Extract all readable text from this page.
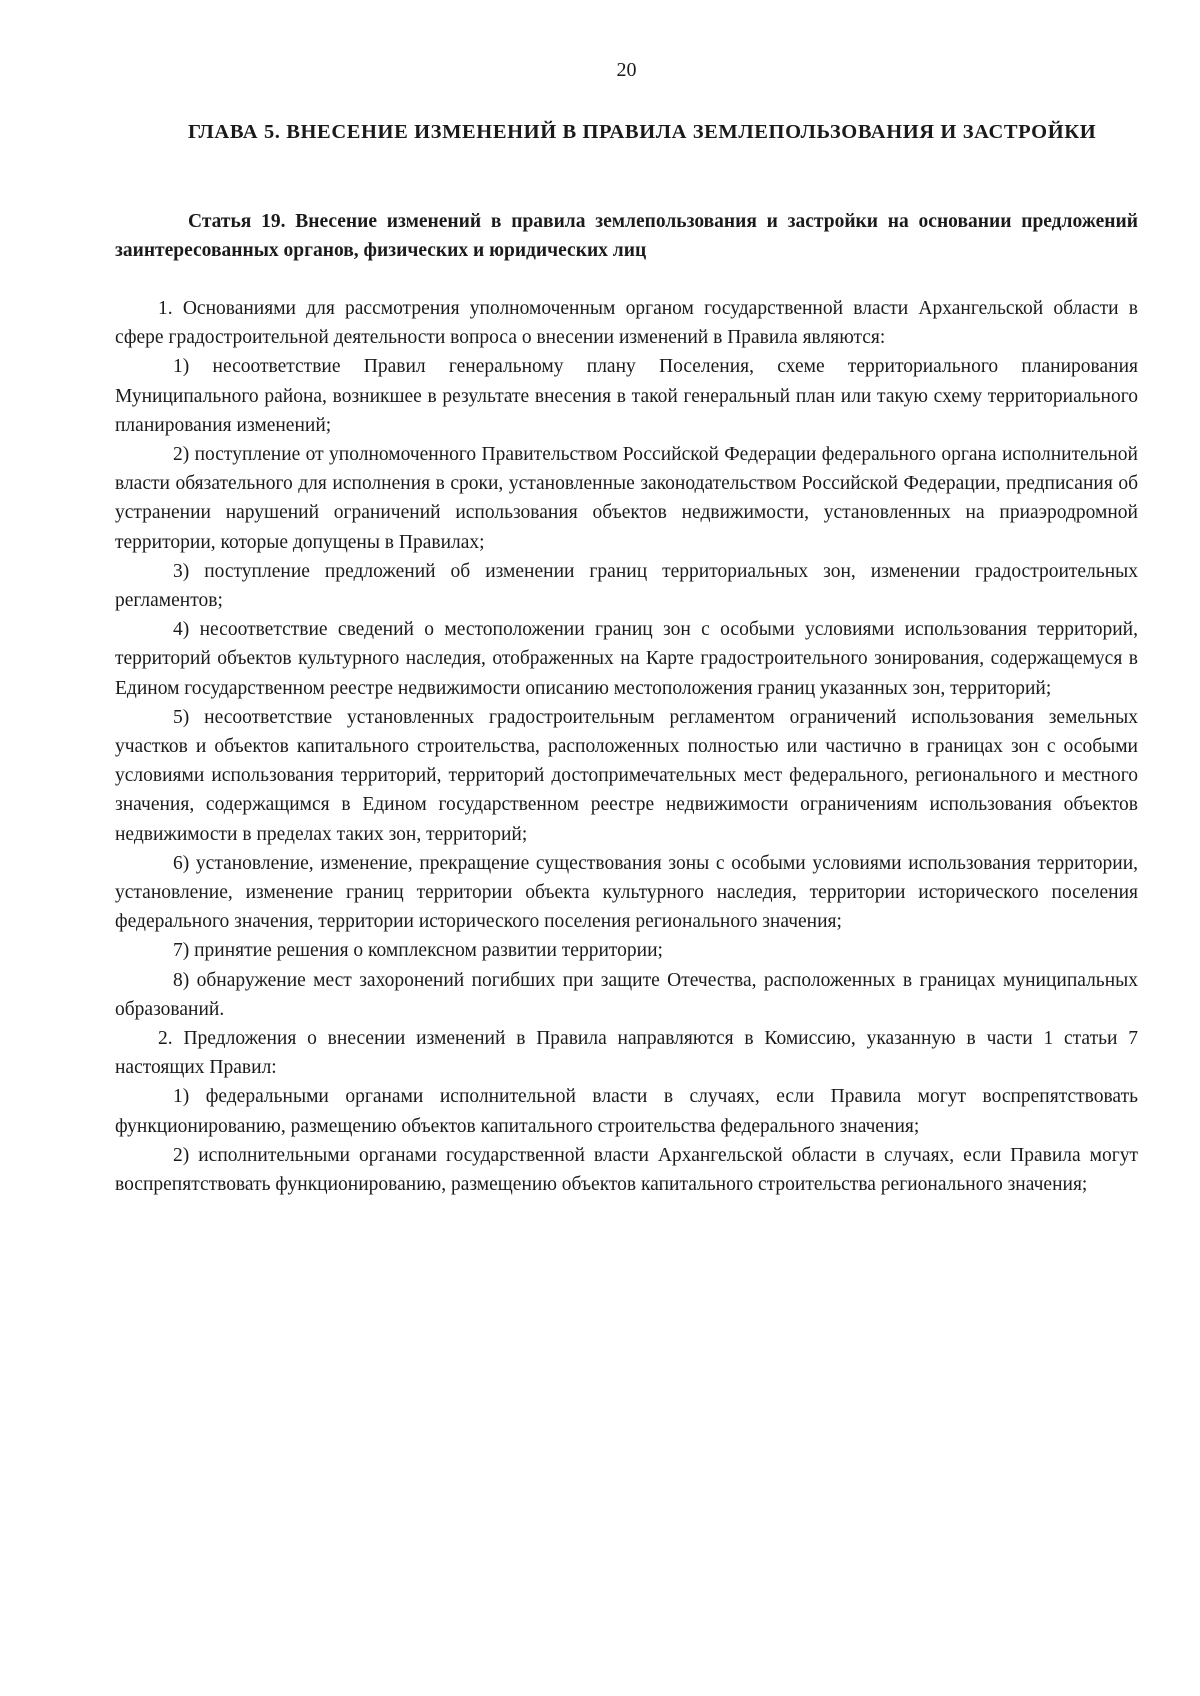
20
ГЛАВА 5. ВНЕСЕНИЕ ИЗМЕНЕНИЙ В ПРАВИЛА ЗЕМЛЕПОЛЬЗОВАНИЯ И ЗАСТРОЙКИ
Статья 19. Внесение изменений в правила землепользования и застройки на основании предложений заинтересованных органов, физических и юридических лиц

1. Основаниями для рассмотрения уполномоченным органом государственной власти Архангельской области в сфере градостроительной деятельности вопроса о внесении изменений в Правила являются:

1) несоответствие Правил генеральному плану Поселения, схеме территориального планирования Муниципального района, возникшее в результате внесения в такой генеральный план или такую схему территориального планирования изменений;

2) поступление от уполномоченного Правительством Российской Федерации федерального органа исполнительной власти обязательного для исполнения в сроки, установленные законодательством Российской Федерации, предписания об устранении нарушений ограничений использования объектов недвижимости, установленных на приаэродромной территории, которые допущены в Правилах;

3) поступление предложений об изменении границ территориальных зон, изменении градостроительных регламентов;

4) несоответствие сведений о местоположении границ зон с особыми условиями использования территорий, территорий объектов культурного наследия, отображенных на Карте градостроительного зонирования, содержащемуся в Едином государственном реестре недвижимости описанию местоположения границ указанных зон, территорий;

5) несоответствие установленных градостроительным регламентом ограничений использования земельных участков и объектов капитального строительства, расположенных полностью или частично в границах зон с особыми условиями использования территорий, территорий достопримечательных мест федерального, регионального и местного значения, содержащимся в Едином государственном реестре недвижимости ограничениям использования объектов недвижимости в пределах таких зон, территорий;

6) установление, изменение, прекращение существования зоны с особыми условиями использования территории, установление, изменение границ территории объекта культурного наследия, территории исторического поселения федерального значения, территории исторического поселения регионального значения;

7) принятие решения о комплексном развитии территории;

8) обнаружение мест захоронений погибших при защите Отечества, расположенных в границах муниципальных образований.

2. Предложения о внесении изменений в Правила направляются в Комиссию, указанную в части 1 статьи 7 настоящих Правил:

1) федеральными органами исполнительной власти в случаях, если Правила могут воспрепятствовать функционированию, размещению объектов капитального строительства федерального значения;

2) исполнительными органами государственной власти Архангельской области в случаях, если Правила могут воспрепятствовать функционированию, размещению объектов капитального строительства регионального значения;
